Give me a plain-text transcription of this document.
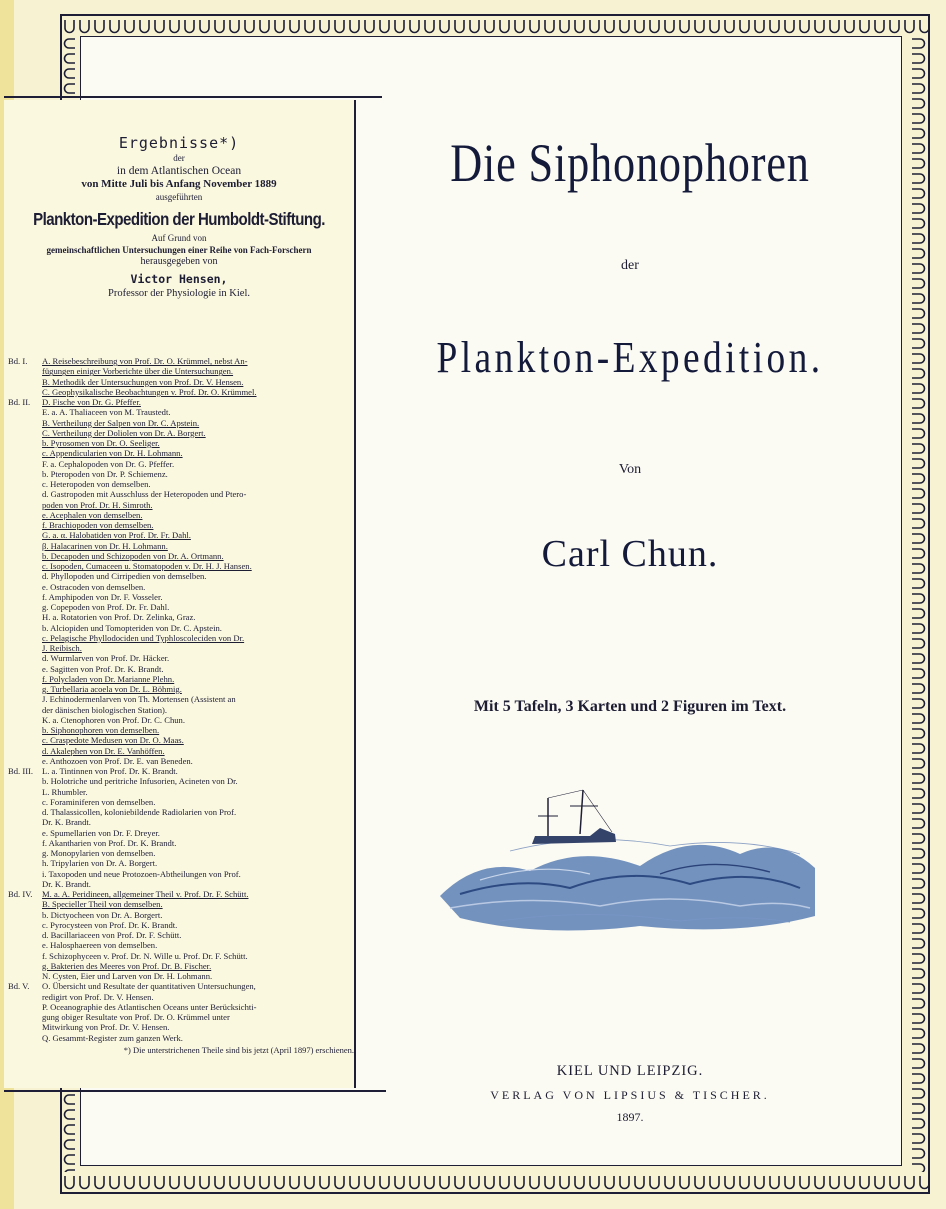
Ergebnisse*)
der
in dem Atlantischen Ocean
von Mitte Juli bis Anfang November 1889
ausgeführten
Plankton-Expedition der Humboldt-Stiftung.
Auf Grund von
gemeinschaftlichen Untersuchungen einer Reihe von Fach-Forschern
herausgegeben von
Victor Hensen,
Professor der Physiologie in Kiel.
Bd. I. A. Reisebeschreibung von Prof. Dr. O. Krümmel, nebst An-
fügungen einiger Vorberichte über die Untersuchungen.
B. Methodik der Untersuchungen von Prof. Dr. V. Hensen.
C. Geophysikalische Beobachtungen v. Prof. Dr. O. Krümmel.
Bd. II. D. Fische von Dr. G. Pfeffer.
E. a. A. Thaliaceen von M. Traustedt.
B. Vertheilung der Salpen von Dr. C. Apstein.
C. Vertheilung der Doliolen von Dr. A. Borgert.
b. Pyrosomen von Dr. O. Seeliger.
c. Appendicularien von Dr. H. Lohmann.
F. a. Cephalopoden von Dr. G. Pfeffer.
b. Pteropoden von Dr. P. Schiemenz.
c. Heteropoden von demselben.
d. Gastropoden mit Ausschluss der Heteropoden und Ptero-
poden von Prof. Dr. H. Simroth.
e. Acephalen von demselben.
f. Brachiopoden von demselben.
G. a. α. Halobatiden von Prof. Dr. Fr. Dahl.
β. Halacarinen von Dr. H. Lohmann.
b. Decapoden und Schizopoden von Dr. A. Ortmann.
c. Isopoden, Cumaceen u. Stomatopoden v. Dr. H. J. Hansen.
d. Phyllopoden und Cirripedien von demselben.
e. Ostracoden von demselben.
f. Amphipoden von Dr. F. Vosseler.
g. Copepoden von Prof. Dr. Fr. Dahl.
H. a. Rotatorien von Prof. Dr. Zelinka, Graz.
b. Alciopiden und Tomopteriden von Dr. C. Apstein.
c. Pelagische Phyllodociden und Typhloscoleciden von Dr.
J. Reibisch.
d. Wurmlarven von Prof. Dr. Häcker.
e. Sagitten von Prof. Dr. K. Brandt.
f. Polycladen von Dr. Marianne Plehn.
g. Turbellaria acoela von Dr. L. Böhmig.
J. Echinodermenlarven von Th. Mortensen (Assistent an
der dänischen biologischen Station).
K. a. Ctenophoren von Prof. Dr. C. Chun.
b. Siphonophoren von demselben.
c. Craspedote Medusen von Dr. O. Maas.
d. Akalephen von Dr. E. Vanhöffen.
e. Anthozoen von Prof. Dr. E. van Beneden.
Bd. III. L. a. Tintinnen von Prof. Dr. K. Brandt.
b. Holotriche und peritriche Infusorien, Acineten von Dr.
L. Rhumbler.
c. Foraminiferen von demselben.
d. Thalassicollen, koloniebildende Radiolarien von Prof.
Dr. K. Brandt.
e. Spumellarien von Dr. F. Dreyer.
f. Akantharien von Prof. Dr. K. Brandt.
g. Monopylarien von demselben.
h. Tripylarien von Dr. A. Borgert.
i. Taxopoden und neue Protozoen-Abtheilungen von Prof.
Dr. K. Brandt.
Bd. IV. M. a. A. Peridineen, allgemeiner Theil v. Prof. Dr. F. Schütt.
B. Specieller Theil von demselben.
b. Dictyocheen von Dr. A. Borgert.
c. Pyrocysteen von Prof. Dr. K. Brandt.
d. Bacillariaceen von Prof. Dr. F. Schütt.
e. Halosphaereen von demselben.
f. Schizophyceen v. Prof. Dr. N. Wille u. Prof. Dr. F. Schütt.
g. Bakterien des Meeres von Prof. Dr. B. Fischer.
N. Cysten, Eier und Larven von Dr. H. Lohmann.
Bd. V. O. Übersicht und Resultate der quantitativen Untersuchungen,
redigirt von Prof. Dr. V. Hensen.
P. Oceanographie des Atlantischen Oceans unter Berücksichti-
gung obiger Resultate von Prof. Dr. O. Krümmel unter
Mitwirkung von Prof. Dr. V. Hensen.
Q. Gesammt-Register zum ganzen Werk.
*) Die unterstrichenen Theile sind bis jetzt (April 1897) erschienen.
Die Siphonophoren
der
Plankton-Expedition.
Von
Carl Chun.
Mit 5 Tafeln, 3 Karten und 2 Figuren im Text.
KIEL UND LEIPZIG.
VERLAG VON LIPSIUS & TISCHER.
1897.
